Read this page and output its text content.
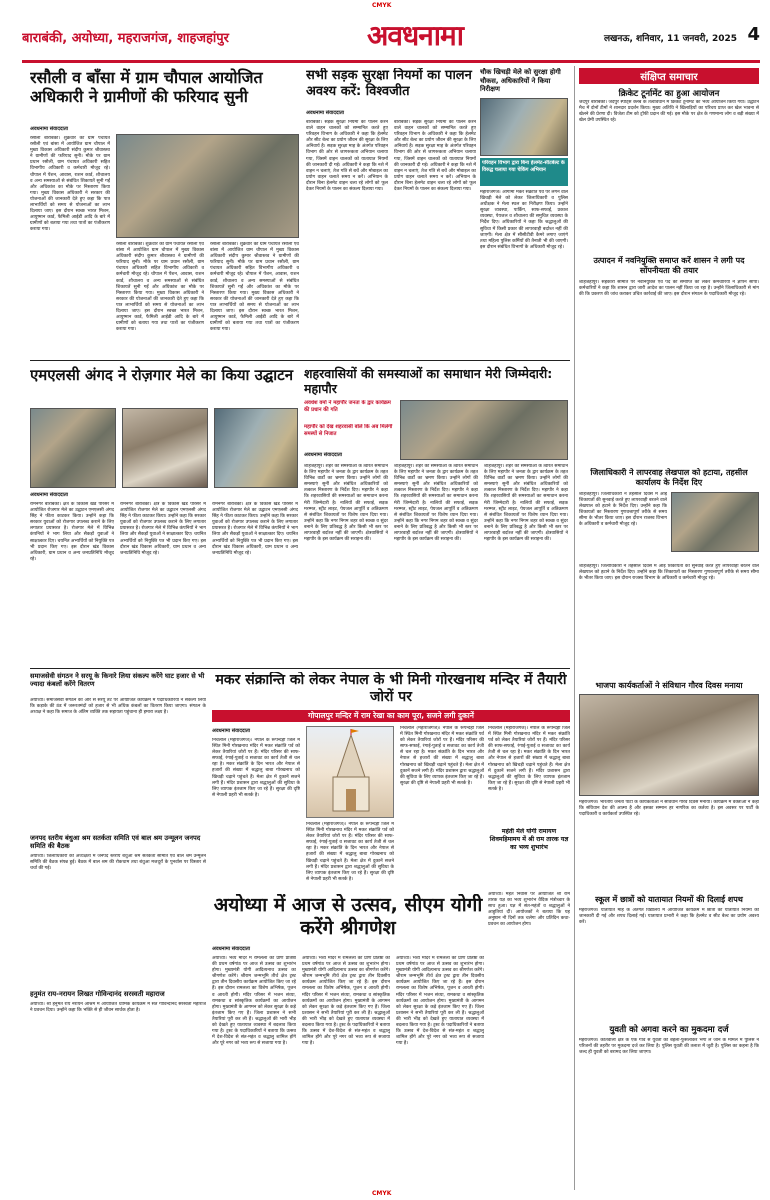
CMYK
CMYK
बाराबंकी, अयोध्या, महराजगंज, शाहजहांपुर	अवधनामा	लखनऊ, शनिवार, 11 जनवरी, 2025 4
रसौली व बाँसा में ग्राम चौपाल आयोजित अधिकारी ने ग्रामीणों की फरियाद सुनी
अवधनामा संवाददाता
रसौली बाराबंकी। शुक्रवार को ग्राम पंचायत रसौली एवं बांसा में आयोजित ग्राम चौपाल में मुख्य विकास अधिकारी संदीप कुमार श्रीवास्तव ने ग्रामीणों की फरियाद सुनी। मौके पर ग्राम प्रधान रसौली, ग्राम पंचायत अधिकारी सहित विभागीय अधिकारी व कर्मचारी मौजूद रहे। चौपाल में पेंशन, आवास, राशन कार्ड, शौचालय व अन्य समस्याओं से संबंधित शिकायतें सुनी गईं और अधिकांश का मौके पर निस्तारण किया गया। मुख्य विकास अधिकारी ने सरकार की योजनाओं की जानकारी देते हुए कहा कि पात्र लाभार्थियों को समय से योजनाओं का लाभ दिलाया जाए। इस दौरान स्वच्छ भारत मिशन, आयुष्मान कार्ड, फैमिली आईडी आदि के बारे में ग्रामीणों को बताया गया तथा पात्रों का पंजीकरण कराया गया।
रसौली बाराबंकी। शुक्रवार को ग्राम पंचायत रसौली एवं बांसा में आयोजित ग्राम चौपाल में मुख्य विकास अधिकारी संदीप कुमार श्रीवास्तव ने ग्रामीणों की फरियाद सुनी। मौके पर ग्राम प्रधान रसौली, ग्राम पंचायत अधिकारी सहित विभागीय अधिकारी व कर्मचारी मौजूद रहे। चौपाल में पेंशन, आवास, राशन कार्ड, शौचालय व अन्य समस्याओं से संबंधित शिकायतें सुनी गईं और अधिकांश का मौके पर निस्तारण किया गया। मुख्य विकास अधिकारी ने सरकार की योजनाओं की जानकारी देते हुए कहा कि पात्र लाभार्थियों को समय से योजनाओं का लाभ दिलाया जाए। इस दौरान स्वच्छ भारत मिशन, आयुष्मान कार्ड, फैमिली आईडी आदि के बारे में ग्रामीणों को बताया गया तथा पात्रों का पंजीकरण कराया गया।
रसौली बाराबंकी। शुक्रवार को ग्राम पंचायत रसौली एवं बांसा में आयोजित ग्राम चौपाल में मुख्य विकास अधिकारी संदीप कुमार श्रीवास्तव ने ग्रामीणों की फरियाद सुनी। मौके पर ग्राम प्रधान रसौली, ग्राम पंचायत अधिकारी सहित विभागीय अधिकारी व कर्मचारी मौजूद रहे। चौपाल में पेंशन, आवास, राशन कार्ड, शौचालय व अन्य समस्याओं से संबंधित शिकायतें सुनी गईं और अधिकांश का मौके पर निस्तारण किया गया। मुख्य विकास अधिकारी ने सरकार की योजनाओं की जानकारी देते हुए कहा कि पात्र लाभार्थियों को समय से योजनाओं का लाभ दिलाया जाए। इस दौरान स्वच्छ भारत मिशन, आयुष्मान कार्ड, फैमिली आईडी आदि के बारे में ग्रामीणों को बताया गया तथा पात्रों का पंजीकरण कराया गया।
सभी सड़क सुरक्षा नियमों का पालन अवश्य करें: विश्वजीत
अवधनामा संवाददाता
बाराबंकी। सड़क सुरक्षा नियमों का पालन करने वाले वाहन चालकों को सम्मानित करते हुए परिवहन विभाग के अधिकारी ने कहा कि हेलमेट और सीट बेल्ट का प्रयोग जीवन की सुरक्षा के लिए अनिवार्य है। सड़क सुरक्षा माह के अंतर्गत परिवहन विभाग की ओर से जागरूकता अभियान चलाया गया, जिसमें वाहन चालकों को यातायात नियमों की जानकारी दी गई। अधिकारी ने कहा कि नशे में वाहन न चलाएं, तेज गति से बचें और मोबाइल का प्रयोग वाहन चलाते समय न करें। अभियान के दौरान बिना हेलमेट वाहन चला रहे लोगों को फूल देकर नियमों के पालन का संकल्प दिलाया गया।
बाराबंकी। सड़क सुरक्षा नियमों का पालन करने वाले वाहन चालकों को सम्मानित करते हुए परिवहन विभाग के अधिकारी ने कहा कि हेलमेट और सीट बेल्ट का प्रयोग जीवन की सुरक्षा के लिए अनिवार्य है। सड़क सुरक्षा माह के अंतर्गत परिवहन विभाग की ओर से जागरूकता अभियान चलाया गया, जिसमें वाहन चालकों को यातायात नियमों की जानकारी दी गई। अधिकारी ने कहा कि नशे में वाहन न चलाएं, तेज गति से बचें और मोबाइल का प्रयोग वाहन चलाते समय न करें। अभियान के दौरान बिना हेलमेट वाहन चला रहे लोगों को फूल देकर नियमों के पालन का संकल्प दिलाया गया।
चौक खिचड़ी मेले को सुरक्षा होगी चौकस, अधिकारियों ने किया निरीक्षण
परिवहन विभाग द्वारा बिना हेलमेट-सीटबेल्ट के विरुद्ध चलाया गया चेकिंग अभियान
महाराजगंज। आगामी मकर संक्रांति पर्व पर लगने वाले खिचड़ी मेले को लेकर जिलाधिकारी व पुलिस अधीक्षक ने मेला स्थल का निरीक्षण किया। उन्होंने सुरक्षा व्यवस्था, पार्किंग, साफ-सफाई, प्रकाश व्यवस्था, पेयजल व शौचालय की समुचित व्यवस्था के निर्देश दिए। अधिकारियों ने कहा कि श्रद्धालुओं की सुविधा में किसी प्रकार की लापरवाही बर्दाश्त नहीं की जाएगी। मेला क्षेत्र में सीसीटीवी कैमरे लगाए जाएंगे तथा महिला पुलिस कर्मियों की तैनाती भी की जाएगी। इस दौरान संबंधित विभागों के अधिकारी मौजूद रहे।
संक्षिप्त समाचार
क्रिकेट टूर्नामेंट का हुआ आयोजन
जैदपुर बाराबंकी। जैदपुर स्पोर्ट्स क्लब के तत्वावधान में क्रिकेट टूर्नामेंट का भव्य आयोजन किया गया। उद्घाटन मैच में दोनों टीमों ने शानदार प्रदर्शन किया। मुख्य अतिथि ने खिलाड़ियों का परिचय प्राप्त कर खेल भावना से खेलने की प्रेरणा दी। विजेता टीम को ट्रॉफी प्रदान की गई। इस मौके पर क्षेत्र के गणमान्य लोग व बड़ी संख्या में खेल प्रेमी उपस्थित रहे।
उत्पादन में नवनियुक्ति समाप्त करें शासन ने लगी पद सोंपनीयता की तयार
शाहजहांपुर। सहकारी समिति पर नवनियुक्ति एवं पद की समाप्ति को लेकर कर्मचारियों ने ज्ञापन सौंपा। कर्मचारियों ने कहा कि शासन द्वारा जारी आदेश का पालन नहीं किया जा रहा है। उन्होंने जिलाधिकारी से मांग की कि प्रकरण की जांच कराकर उचित कार्रवाई की जाए। इस दौरान संगठन के पदाधिकारी मौजूद रहे।
जिलाधिकारी ने लापरवाह लेखपाल को हटाया, तहसील कार्यालय के निर्देश दिए
शाहजहांपुर। जिलाधिकारी ने तहसील दिवस में आई शिकायतों की सुनवाई करते हुए लापरवाही बरतने वाले लेखपाल को हटाने के निर्देश दिए। उन्होंने कहा कि शिकायतों का निस्तारण गुणवत्तापूर्ण तरीके से समय सीमा के भीतर किया जाए। इस दौरान राजस्व विभाग के अधिकारी व कर्मचारी मौजूद रहे।
शाहजहांपुर। जिलाधिकारी ने तहसील दिवस में आई शिकायतों की सुनवाई करते हुए लापरवाही बरतने वाले लेखपाल को हटाने के निर्देश दिए। उन्होंने कहा कि शिकायतों का निस्तारण गुणवत्तापूर्ण तरीके से समय सीमा के भीतर किया जाए। इस दौरान राजस्व विभाग के अधिकारी व कर्मचारी मौजूद रहे।
भाजपा कार्यकर्ताओं ने संविधान गौरव दिवस मनाया
महराजगंज। भारतीय जनता पार्टी के कार्यकर्ताओं ने संविधान गौरव दिवस मनाया। कार्यक्रम में वक्ताओं ने कहा कि संविधान देश की आत्मा है और इसका सम्मान हर नागरिक का कर्तव्य है। इस अवसर पर पार्टी के पदाधिकारी व कार्यकर्ता उपस्थित रहे।
स्कूल में छात्रों को यातायात नियमों की दिलाई शपथ
महराजगंज। यातायात माह के अंतर्गत विद्यालय में आयोजित कार्यक्रम में छात्रों को यातायात नियमों की जानकारी दी गई और शपथ दिलाई गई। यातायात प्रभारी ने कहा कि हेलमेट व सीट बेल्ट का प्रयोग अवश्य करें।
युवती को अगवा करने का मुकदमा दर्ज
महराजगंज। कोतवाली क्षेत्र के एक गांव से युवती को बहला-फुसलाकर भगा ले जाने के मामले में पुलिस ने परिजनों की तहरीर पर मुकदमा दर्ज कर लिया है। पुलिस युवती की तलाश में जुटी है। पुलिस का कहना है कि जल्द ही युवती को बरामद कर लिया जाएगा।
एमएलसी अंगद ने रोज़गार मेले का किया उद्घाटन
अवधनामा संवाददाता
रामनगर बाराबंकी। क्षेत्र के विकास खंड परिसर में आयोजित रोजगार मेले का उद्घाटन एमएलसी अंगद सिंह ने फीता काटकर किया। उन्होंने कहा कि सरकार युवाओं को रोजगार उपलब्ध कराने के लिए लगातार प्रयासरत है। रोजगार मेले में विभिन्न कंपनियों ने भाग लिया और सैकड़ों युवाओं ने साक्षात्कार दिए। चयनित अभ्यर्थियों को नियुक्ति पत्र भी प्रदान किए गए। इस दौरान खंड विकास अधिकारी, ग्राम प्रधान व अन्य जनप्रतिनिधि मौजूद रहे।
रामनगर बाराबंकी। क्षेत्र के विकास खंड परिसर में आयोजित रोजगार मेले का उद्घाटन एमएलसी अंगद सिंह ने फीता काटकर किया। उन्होंने कहा कि सरकार युवाओं को रोजगार उपलब्ध कराने के लिए लगातार प्रयासरत है। रोजगार मेले में विभिन्न कंपनियों ने भाग लिया और सैकड़ों युवाओं ने साक्षात्कार दिए। चयनित अभ्यर्थियों को नियुक्ति पत्र भी प्रदान किए गए। इस दौरान खंड विकास अधिकारी, ग्राम प्रधान व अन्य जनप्रतिनिधि मौजूद रहे।
रामनगर बाराबंकी। क्षेत्र के विकास खंड परिसर में आयोजित रोजगार मेले का उद्घाटन एमएलसी अंगद सिंह ने फीता काटकर किया। उन्होंने कहा कि सरकार युवाओं को रोजगार उपलब्ध कराने के लिए लगातार प्रयासरत है। रोजगार मेले में विभिन्न कंपनियों ने भाग लिया और सैकड़ों युवाओं ने साक्षात्कार दिए। चयनित अभ्यर्थियों को नियुक्ति पत्र भी प्रदान किए गए। इस दौरान खंड विकास अधिकारी, ग्राम प्रधान व अन्य जनप्रतिनिधि मौजूद रहे।
शहरवासियों की समस्याओं का समाधान मेरी जिम्मेदारी: महापौर
अवधेश वर्मा ने महापौर जनता के द्वार कार्यक्रम की प्रधान की गति
महापौर को देख शहरवासी बोले कि अब मिलेगी समस्यों से निजात
अवधनामा संवाददाता
शाहजहांपुर। शहर की समस्याओं के त्वरित समाधान के लिए महापौर ने जनता के द्वार कार्यक्रम के तहत विभिन्न वार्डों का भ्रमण किया। उन्होंने लोगों की समस्याएं सुनीं और संबंधित अधिकारियों को तत्काल निस्तारण के निर्देश दिए। महापौर ने कहा कि शहरवासियों की समस्याओं का समाधान करना मेरी जिम्मेदारी है। नालियों की सफाई, सड़क मरम्मत, स्ट्रीट लाइट, पेयजल आपूर्ति व अतिक्रमण से संबंधित शिकायतों पर विशेष ध्यान दिया गया। उन्होंने कहा कि नगर निगम शहर को स्वच्छ व सुंदर बनाने के लिए प्रतिबद्ध है और किसी भी स्तर पर लापरवाही बर्दाश्त नहीं की जाएगी। क्षेत्रवासियों ने महापौर के इस कार्यक्रम की सराहना की।
शाहजहांपुर। शहर की समस्याओं के त्वरित समाधान के लिए महापौर ने जनता के द्वार कार्यक्रम के तहत विभिन्न वार्डों का भ्रमण किया। उन्होंने लोगों की समस्याएं सुनीं और संबंधित अधिकारियों को तत्काल निस्तारण के निर्देश दिए। महापौर ने कहा कि शहरवासियों की समस्याओं का समाधान करना मेरी जिम्मेदारी है। नालियों की सफाई, सड़क मरम्मत, स्ट्रीट लाइट, पेयजल आपूर्ति व अतिक्रमण से संबंधित शिकायतों पर विशेष ध्यान दिया गया। उन्होंने कहा कि नगर निगम शहर को स्वच्छ व सुंदर बनाने के लिए प्रतिबद्ध है और किसी भी स्तर पर लापरवाही बर्दाश्त नहीं की जाएगी। क्षेत्रवासियों ने महापौर के इस कार्यक्रम की सराहना की।
शाहजहांपुर। शहर की समस्याओं के त्वरित समाधान के लिए महापौर ने जनता के द्वार कार्यक्रम के तहत विभिन्न वार्डों का भ्रमण किया। उन्होंने लोगों की समस्याएं सुनीं और संबंधित अधिकारियों को तत्काल निस्तारण के निर्देश दिए। महापौर ने कहा कि शहरवासियों की समस्याओं का समाधान करना मेरी जिम्मेदारी है। नालियों की सफाई, सड़क मरम्मत, स्ट्रीट लाइट, पेयजल आपूर्ति व अतिक्रमण से संबंधित शिकायतों पर विशेष ध्यान दिया गया। उन्होंने कहा कि नगर निगम शहर को स्वच्छ व सुंदर बनाने के लिए प्रतिबद्ध है और किसी भी स्तर पर लापरवाही बर्दाश्त नहीं की जाएगी। क्षेत्रवासियों ने महापौर के इस कार्यक्रम की सराहना की।
समाजसेवी संगठन ने सरयू के किनारे लिया संकल्प करेंगे घाट हजार से भी ज्यादा कंबलों करेंगे वितरण
अयोध्या। समाजसेवी संगठन की ओर से सरयू तट पर आयोजित कार्यक्रम में पदाधिकारियों ने संकल्प लिया कि कड़ाके की ठंड में जरूरतमंदों को हजार से भी अधिक कंबलों का वितरण किया जाएगा। संगठन के अध्यक्ष ने कहा कि समाज के अंतिम व्यक्ति तक सहायता पहुंचाना ही हमारा लक्ष्य है।
जनपद स्तरीय बंधुआ श्रम सतर्कता समिति एवं बाल श्रम उन्मूलन जनपद समिति की बैठक
अयोध्या। जिलाधिकारी की अध्यक्षता में जनपद स्तरीय बंधुआ श्रम सतर्कता समिति एवं बाल श्रम उन्मूलन समिति की बैठक संपन्न हुई। बैठक में बाल श्रम की रोकथाम तथा बंधुआ मजदूरों के पुनर्वास पर विस्तार से चर्चा की गई।
हनुमंत राय-नरायन लिखत गोविन्दानंद सरस्वती महाराज
अयोध्या। श्री हनुमंत राय नरायन आश्रम में आयोजित धार्मिक कार्यक्रम में संत गोविन्दानंद सरस्वती महाराज ने प्रवचन दिया। उन्होंने कहा कि भक्ति से ही जीवन सार्थक होता है।
मकर संक्रान्ति को लेकर नेपाल के भी मिनी गोरखनाथ मन्दिर में तैयारी जोरों पर
गोपालपुर मन्दिर में राम रेखा का काम पूरा, सजने लगी दुकानें
अवधनामा संवाददाता
निचलौल (महाराजगंज)। नेपाल के रूपन्देही जिले में स्थित मिनी गोरखनाथ मंदिर में मकर संक्रांति पर्व को लेकर तैयारियां जोरों पर हैं। मंदिर परिसर की साफ-सफाई, रंगाई-पुताई व सजावट का कार्य तेजी से चल रहा है। मकर संक्रांति के दिन भारत और नेपाल से हजारों की संख्या में श्रद्धालु बाबा गोरखनाथ को खिचड़ी चढ़ाने पहुंचते हैं। मेला क्षेत्र में दुकानें सजने लगी हैं। मंदिर प्रशासन द्वारा श्रद्धालुओं की सुविधा के लिए व्यापक इंतजाम किए जा रहे हैं। सुरक्षा की दृष्टि से नेपाली प्रहरी भी सतर्क है।
निचलौल (महाराजगंज)। नेपाल के रूपन्देही जिले में स्थित मिनी गोरखनाथ मंदिर में मकर संक्रांति पर्व को लेकर तैयारियां जोरों पर हैं। मंदिर परिसर की साफ-सफाई, रंगाई-पुताई व सजावट का कार्य तेजी से चल रहा है। मकर संक्रांति के दिन भारत और नेपाल से हजारों की संख्या में श्रद्धालु बाबा गोरखनाथ को खिचड़ी चढ़ाने पहुंचते हैं। मेला क्षेत्र में दुकानें सजने लगी हैं। मंदिर प्रशासन द्वारा श्रद्धालुओं की सुविधा के लिए व्यापक इंतजाम किए जा रहे हैं। सुरक्षा की दृष्टि से नेपाली प्रहरी भी सतर्क है।
निचलौल (महाराजगंज)। नेपाल के रूपन्देही जिले में स्थित मिनी गोरखनाथ मंदिर में मकर संक्रांति पर्व को लेकर तैयारियां जोरों पर हैं। मंदिर परिसर की साफ-सफाई, रंगाई-पुताई व सजावट का कार्य तेजी से चल रहा है। मकर संक्रांति के दिन भारत और नेपाल से हजारों की संख्या में श्रद्धालु बाबा गोरखनाथ को खिचड़ी चढ़ाने पहुंचते हैं। मेला क्षेत्र में दुकानें सजने लगी हैं। मंदिर प्रशासन द्वारा श्रद्धालुओं की सुविधा के लिए व्यापक इंतजाम किए जा रहे हैं। सुरक्षा की दृष्टि से नेपाली प्रहरी भी सतर्क है।
निचलौल (महाराजगंज)। नेपाल के रूपन्देही जिले में स्थित मिनी गोरखनाथ मंदिर में मकर संक्रांति पर्व को लेकर तैयारियां जोरों पर हैं। मंदिर परिसर की साफ-सफाई, रंगाई-पुताई व सजावट का कार्य तेजी से चल रहा है। मकर संक्रांति के दिन भारत और नेपाल से हजारों की संख्या में श्रद्धालु बाबा गोरखनाथ को खिचड़ी चढ़ाने पहुंचते हैं। मेला क्षेत्र में दुकानें सजने लगी हैं। मंदिर प्रशासन द्वारा श्रद्धालुओं की सुविधा के लिए व्यापक इंतजाम किए जा रहे हैं। सुरक्षा की दृष्टि से नेपाली प्रहरी भी सतर्क है।
महंती मेले योगी रामायण शिवमहिमामय में श्री राम तारक यज्ञ का भव्य शुभारंभ
अयोध्या। महंत निवास पर आयोजित श्री राम तारक यज्ञ का भव्य शुभारंभ वैदिक मंत्रोच्चार के साथ हुआ। यज्ञ में संत-महंतों व श्रद्धालुओं ने आहुतियां दीं। आयोजकों ने बताया कि यह अनुष्ठान नौ दिनों तक चलेगा और प्रतिदिन कथा-प्रवचन का आयोजन होगा।
अयोध्या में आज से उत्सव, सीएम योगी करेंगे श्रीगणेश
अवधनामा संवाददाता
अयोध्या। भव्य मंदिर में रामलला की प्राण प्रतिष्ठा की प्रथम वर्षगांठ पर आज से उत्सव का शुभारंभ होगा। मुख्यमंत्री योगी आदित्यनाथ उत्सव का श्रीगणेश करेंगे। श्रीराम जन्मभूमि तीर्थ क्षेत्र ट्रस्ट द्वारा तीन दिवसीय कार्यक्रम आयोजित किए जा रहे हैं। इस दौरान रामलला का विशेष अभिषेक, पूजन व आरती होगी। मंदिर परिसर में भजन संध्या, रामकथा व सांस्कृतिक कार्यक्रमों का आयोजन होगा। मुख्यमंत्री के आगमन को लेकर सुरक्षा के कड़े इंतजाम किए गए हैं। जिला प्रशासन ने सभी तैयारियां पूरी कर ली हैं। श्रद्धालुओं की भारी भीड़ को देखते हुए यातायात व्यवस्था में बदलाव किया गया है। ट्रस्ट के पदाधिकारियों ने बताया कि उत्सव में देश-विदेश से संत-महंत व श्रद्धालु शामिल होंगे और पूरे नगर को भव्य रूप से सजाया गया है।
अयोध्या। भव्य मंदिर में रामलला की प्राण प्रतिष्ठा की प्रथम वर्षगांठ पर आज से उत्सव का शुभारंभ होगा। मुख्यमंत्री योगी आदित्यनाथ उत्सव का श्रीगणेश करेंगे। श्रीराम जन्मभूमि तीर्थ क्षेत्र ट्रस्ट द्वारा तीन दिवसीय कार्यक्रम आयोजित किए जा रहे हैं। इस दौरान रामलला का विशेष अभिषेक, पूजन व आरती होगी। मंदिर परिसर में भजन संध्या, रामकथा व सांस्कृतिक कार्यक्रमों का आयोजन होगा। मुख्यमंत्री के आगमन को लेकर सुरक्षा के कड़े इंतजाम किए गए हैं। जिला प्रशासन ने सभी तैयारियां पूरी कर ली हैं। श्रद्धालुओं की भारी भीड़ को देखते हुए यातायात व्यवस्था में बदलाव किया गया है। ट्रस्ट के पदाधिकारियों ने बताया कि उत्सव में देश-विदेश से संत-महंत व श्रद्धालु शामिल होंगे और पूरे नगर को भव्य रूप से सजाया गया है।
अयोध्या। भव्य मंदिर में रामलला की प्राण प्रतिष्ठा की प्रथम वर्षगांठ पर आज से उत्सव का शुभारंभ होगा। मुख्यमंत्री योगी आदित्यनाथ उत्सव का श्रीगणेश करेंगे। श्रीराम जन्मभूमि तीर्थ क्षेत्र ट्रस्ट द्वारा तीन दिवसीय कार्यक्रम आयोजित किए जा रहे हैं। इस दौरान रामलला का विशेष अभिषेक, पूजन व आरती होगी। मंदिर परिसर में भजन संध्या, रामकथा व सांस्कृतिक कार्यक्रमों का आयोजन होगा। मुख्यमंत्री के आगमन को लेकर सुरक्षा के कड़े इंतजाम किए गए हैं। जिला प्रशासन ने सभी तैयारियां पूरी कर ली हैं। श्रद्धालुओं की भारी भीड़ को देखते हुए यातायात व्यवस्था में बदलाव किया गया है। ट्रस्ट के पदाधिकारियों ने बताया कि उत्सव में देश-विदेश से संत-महंत व श्रद्धालु शामिल होंगे और पूरे नगर को भव्य रूप से सजाया गया है।
